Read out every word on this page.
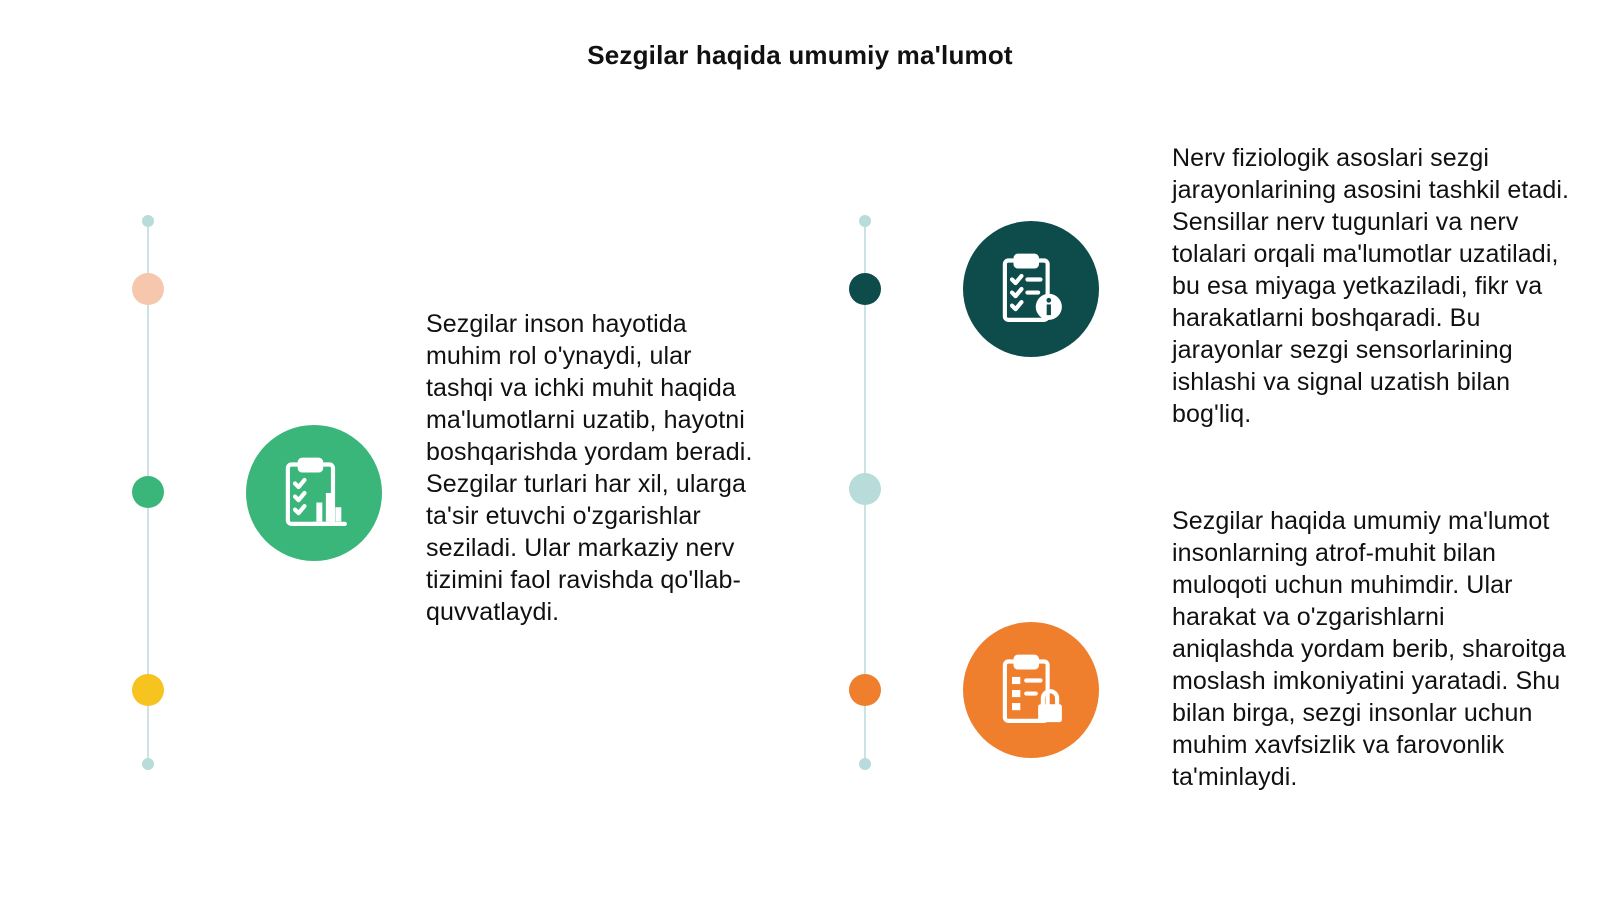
Sezgilar haqida umumiy ma'lumot
Sezgilar inson hayotida muhim rol o'ynaydi, ular tashqi va ichki muhit haqida ma'lumotlarni uzatib, hayotni boshqarishda yordam beradi. Sezgilar turlari har xil, ularga ta'sir etuvchi o'zgarishlar seziladi. Ular markaziy nerv tizimini faol ravishda qo'llab-quvvatlaydi.
Nerv fiziologik asoslari sezgi jarayonlarining asosini tashkil etadi. Sensillar nerv tugunlari va nerv tolalari orqali ma'lumotlar uzatiladi, bu esa miyaga yetkaziladi, fikr va harakatlarni boshqaradi. Bu jarayonlar sezgi sensorlarining ishlashi va signal uzatish bilan bog'liq.
Sezgilar haqida umumiy ma'lumot insonlarning atrof-muhit bilan muloqoti uchun muhimdir. Ular harakat va o'zgarishlarni aniqlashda yordam berib, sharoitga moslash imkoniyatini yaratadi. Shu bilan birga, sezgi insonlar uchun muhim xavfsizlik va farovonlik ta'minlaydi.
